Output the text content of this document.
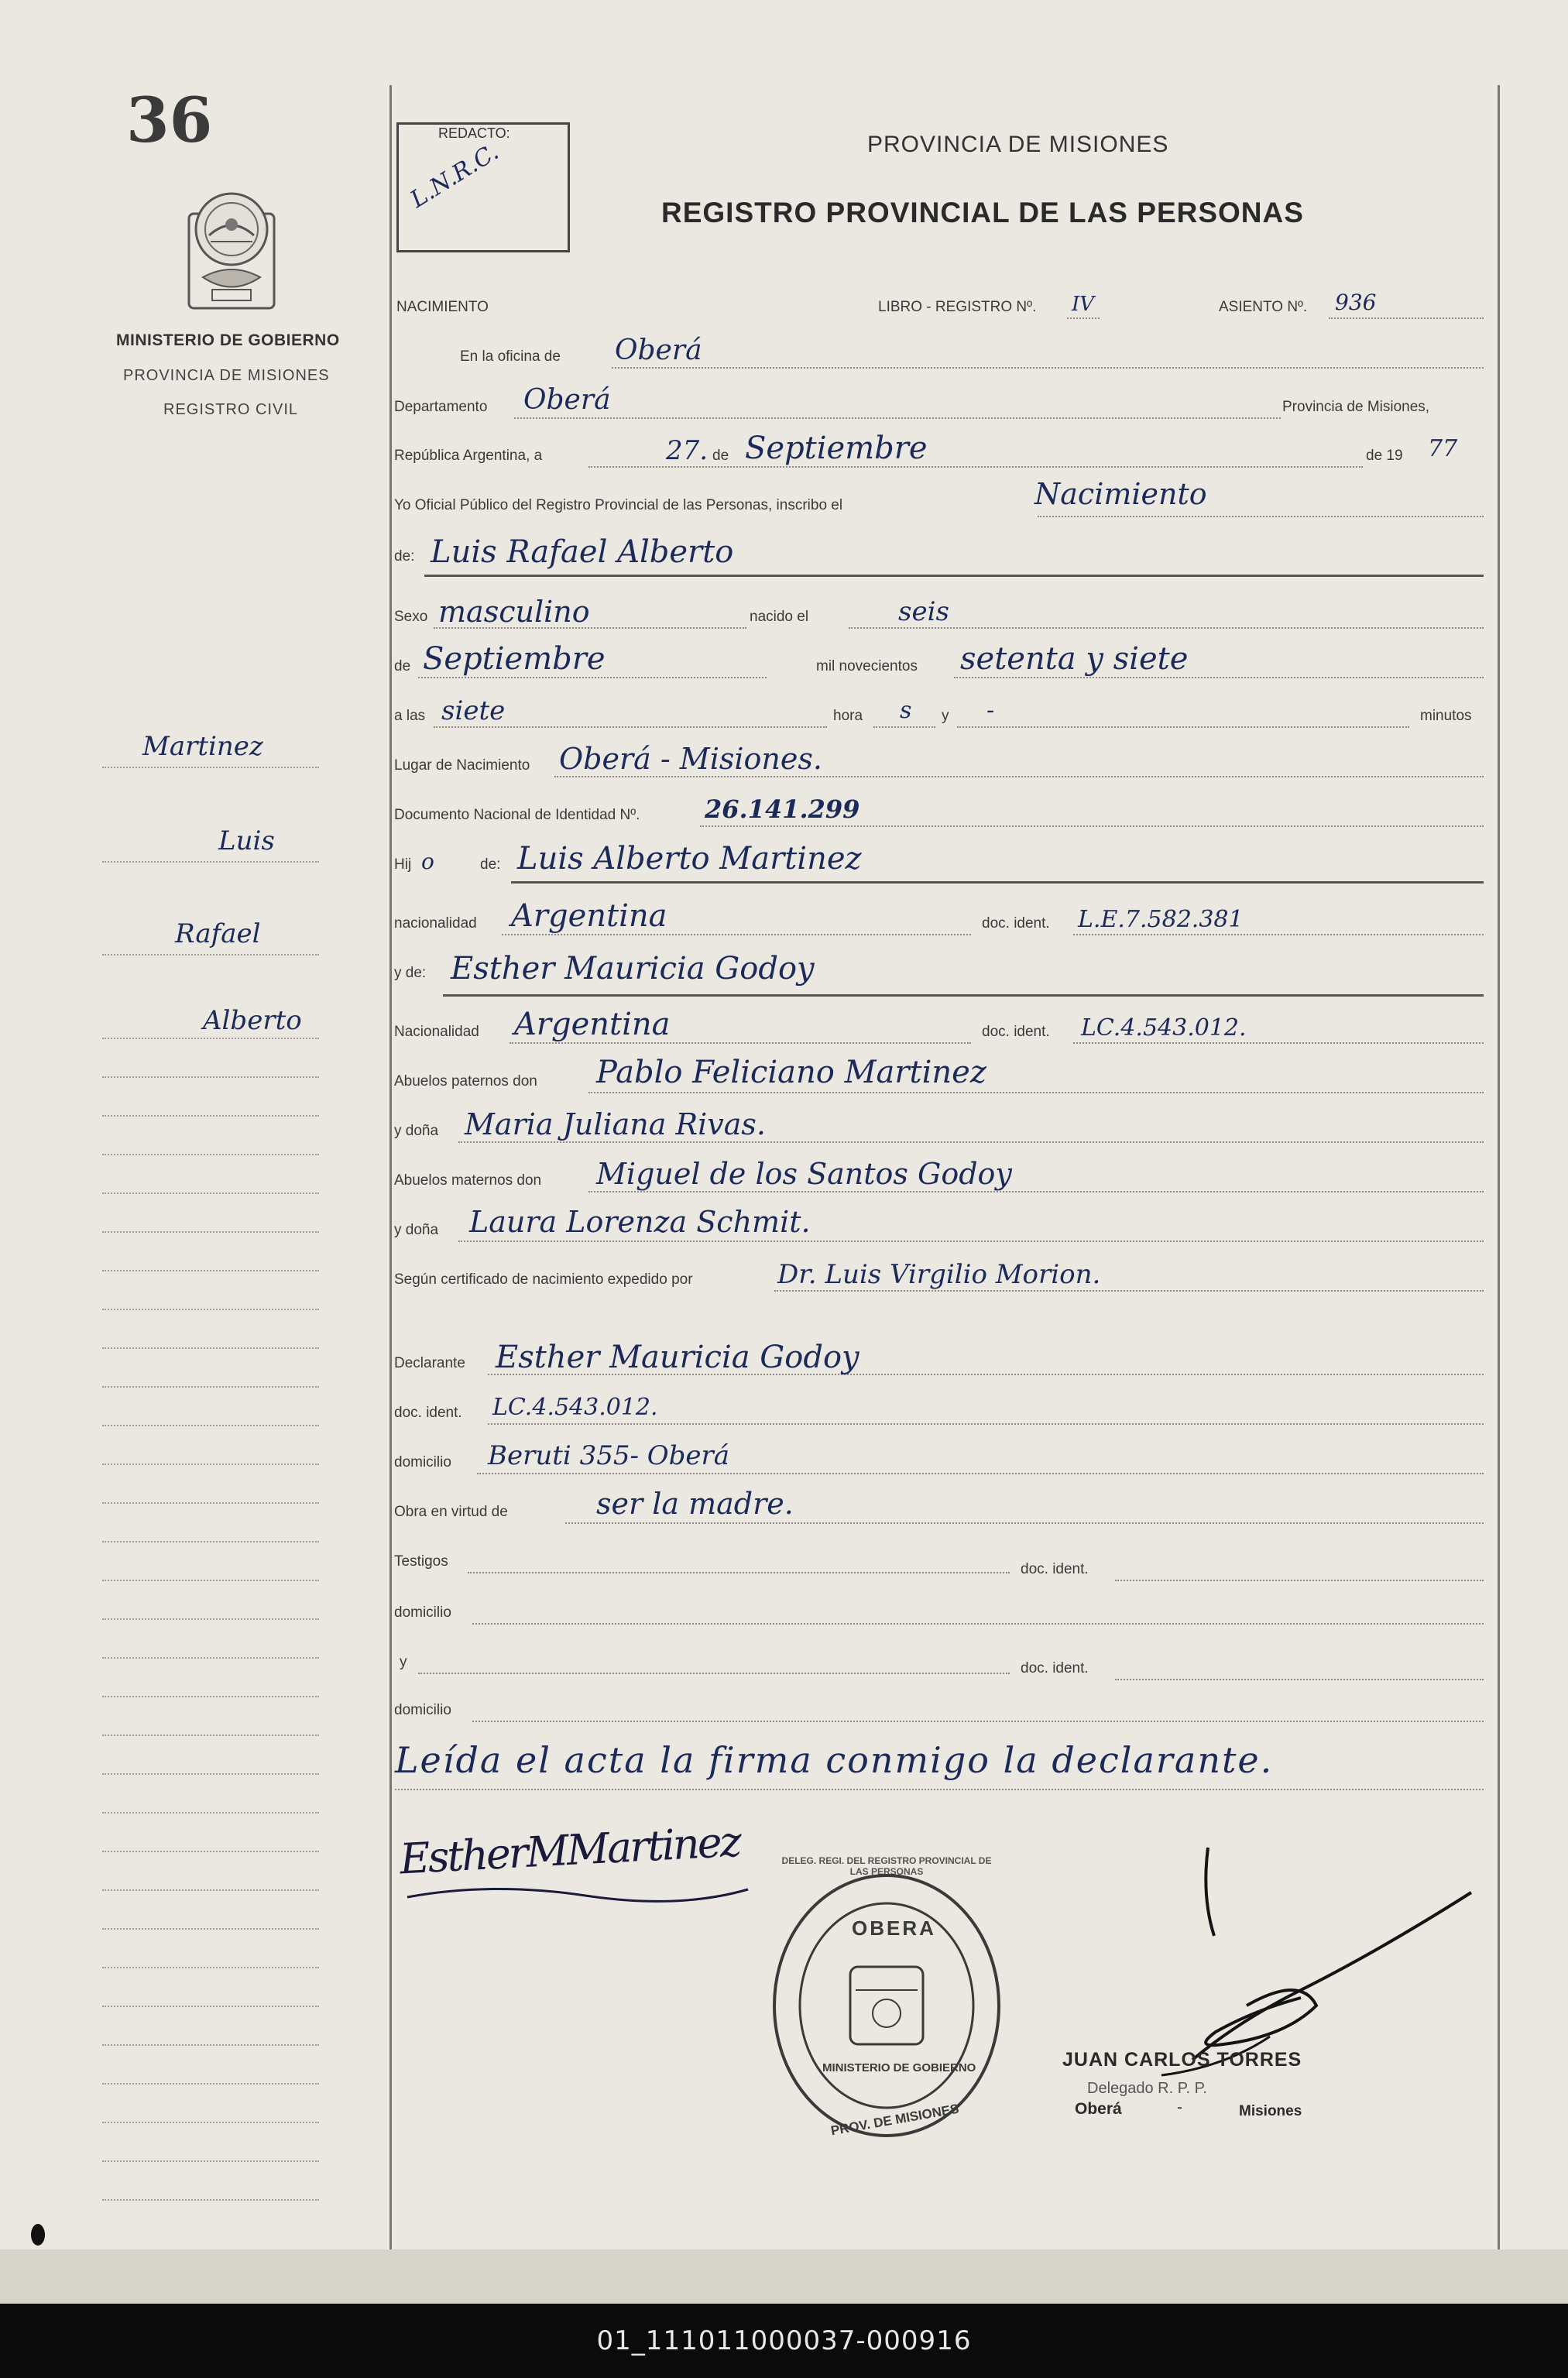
36
MINISTERIO DE GOBIERNO
PROVINCIA DE MISIONES
REGISTRO CIVIL
REDACTO:
L.N.R.C.	PROVINCIA DE MISIONES
REGISTRO PROVINCIAL DE LAS PERSONAS
Martinez
Luis
Rafael
Alberto
NACIMIENTO	LIBRO - REGISTRO Nº. IV	ASIENTO Nº. 936
En la oficina de Oberá
Departamento Oberá	Provincia de Misiones,
República Argentina, a	27. de Septiembre	de 19 77
Yo Oficial Público del Registro Provincial de las Personas, inscribo el	Nacimiento
de: Luis Rafael Alberto
Sexo masculino	nacido el	seis
de Septiembre	mil novecientos setenta y siete
a las siete	hora s y -	minutos
Lugar de Nacimiento Oberá - Misiones.
Documento Nacional de Identidad Nº.	26.141.299
Hij o	de: Luis Alberto Martinez
nacionalidad Argentina	doc. ident. L.E.7.582.381
y de: Esther Mauricia Godoy
Nacionalidad Argentina	doc. ident. LC.4.543.012.
Abuelos paternos don Pablo Feliciano Martinez
y doña Maria Juliana Rivas.
Abuelos maternos don Miguel de los Santos Godoy
y doña Laura Lorenza Schmit.
Según certificado de nacimiento expedido por	Dr. Luis Virgilio Morion.
Declarante Esther Mauricia Godoy
doc. ident. LC.4.543.012.
domicilio Beruti 355- Oberá
Obra en virtud de	ser la madre.
Testigos	doc. ident.
domicilio
y	doc. ident.
domicilio
Leída el acta la firma conmigo la declarante.
EstherMMartinez	DELEG. REGI. DEL REGISTRO PROVINCIAL DE LAS PERSONAS
OBERA
MINISTERIO DE GOBIERNO
PROV. DE MISIONES
JUAN CARLOS TORRES
Delegado R. P. P.
Oberá	-	Misiones
01_111011000037-000916
